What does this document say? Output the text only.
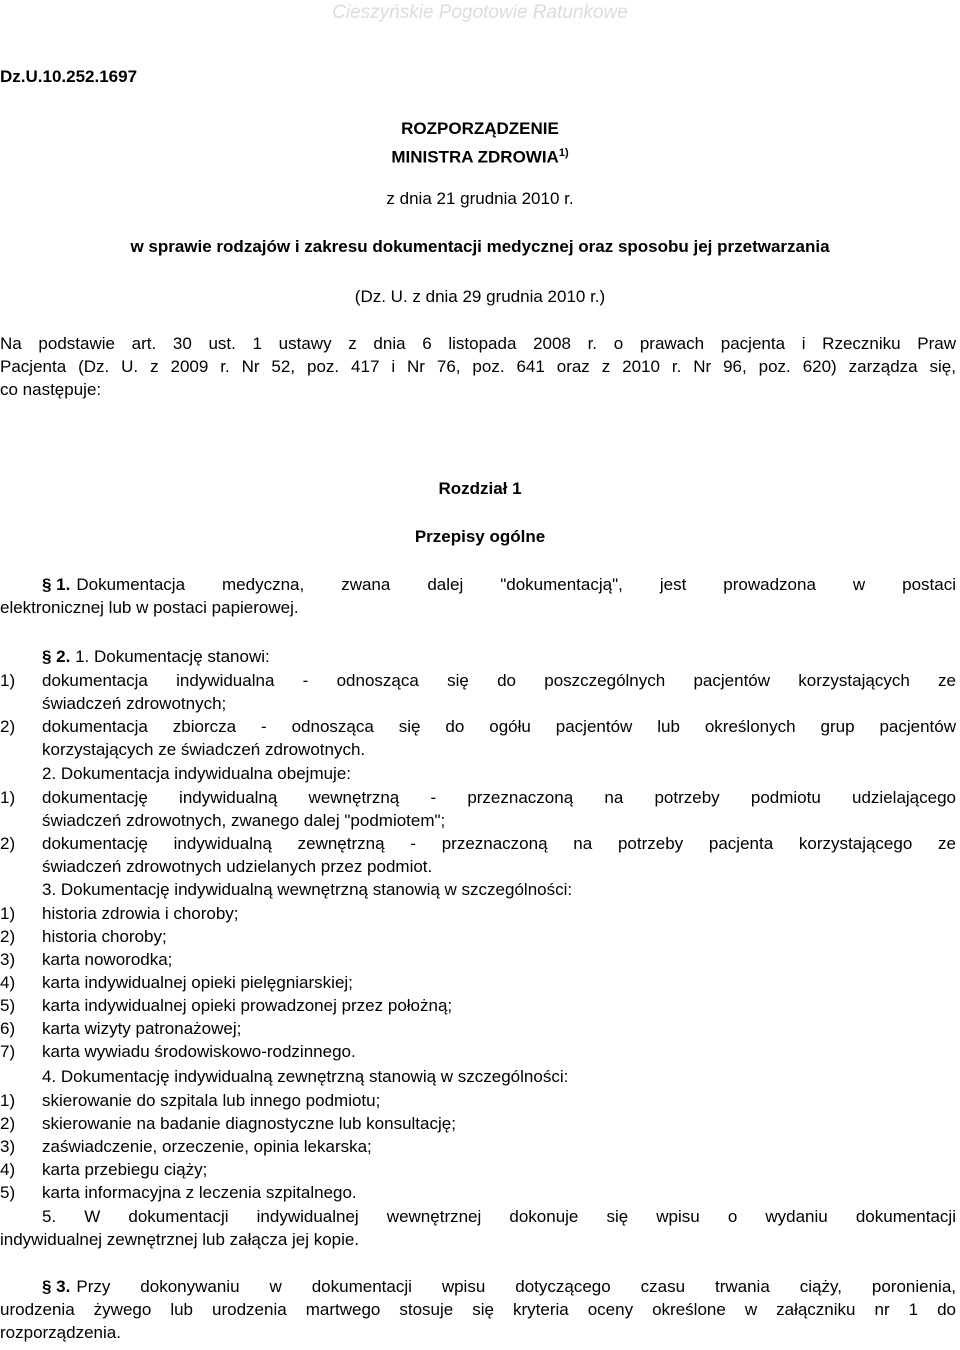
Cieszyńskie Pogotowie Ratunkowe
Dz.U.10.252.1697
ROZPORZĄDZENIE
MINISTRA ZDROWIA$^{1)}$
z dnia 21 grudnia 2010 r.
w sprawie rodzajów i zakresu dokumentacji medycznej oraz sposobu jej przetwarzania
(Dz. U. z dnia 29 grudnia 2010 r.)
Na podstawie art. 30 ust. 1 ustawy z dnia 6 listopada 2008 r. o prawach pacjenta i Rzeczniku Praw
Pacjenta (Dz. U. z 2009 r. Nr 52, poz. 417 i Nr 76, poz. 641 oraz z 2010 r. Nr 96, poz. 620) zarządza się,
co następuje:
Rozdział 1
Przepisy ogólne
§ 1. Dokumentacja medyczna, zwana dalej "dokumentacją", jest prowadzona w postaci
elektronicznej lub w postaci papierowej.
§ 2. 1. Dokumentację stanowi:
1) dokumentacja indywidualna - odnosząca się do poszczególnych pacjentów korzystających ze
świadczeń zdrowotnych;
2) dokumentacja zbiorcza - odnosząca się do ogółu pacjentów lub określonych grup pacjentów
korzystających ze świadczeń zdrowotnych.
2. Dokumentacja indywidualna obejmuje:
1) dokumentację indywidualną wewnętrzną - przeznaczoną na potrzeby podmiotu udzielającego
świadczeń zdrowotnych, zwanego dalej "podmiotem";
2) dokumentację indywidualną zewnętrzną - przeznaczoną na potrzeby pacjenta korzystającego ze
świadczeń zdrowotnych udzielanych przez podmiot.
3. Dokumentację indywidualną wewnętrzną stanowią w szczególności:
1) historia zdrowia i choroby;
2) historia choroby;
3) karta noworodka;
4) karta indywidualnej opieki pielęgniarskiej;
5) karta indywidualnej opieki prowadzonej przez położną;
6) karta wizyty patronażowej;
7) karta wywiadu środowiskowo-rodzinnego.
4. Dokumentację indywidualną zewnętrzną stanowią w szczególności:
1) skierowanie do szpitala lub innego podmiotu;
2) skierowanie na badanie diagnostyczne lub konsultację;
3) zaświadczenie, orzeczenie, opinia lekarska;
4) karta przebiegu ciąży;
5) karta informacyjna z leczenia szpitalnego.
5. W dokumentacji indywidualnej wewnętrznej dokonuje się wpisu o wydaniu dokumentacji
indywidualnej zewnętrznej lub załącza jej kopie.
§ 3. Przy dokonywaniu w dokumentacji wpisu dotyczącego czasu trwania ciąży, poronienia,
urodzenia żywego lub urodzenia martwego stosuje się kryteria oceny określone w załączniku nr 1 do
rozporządzenia.
